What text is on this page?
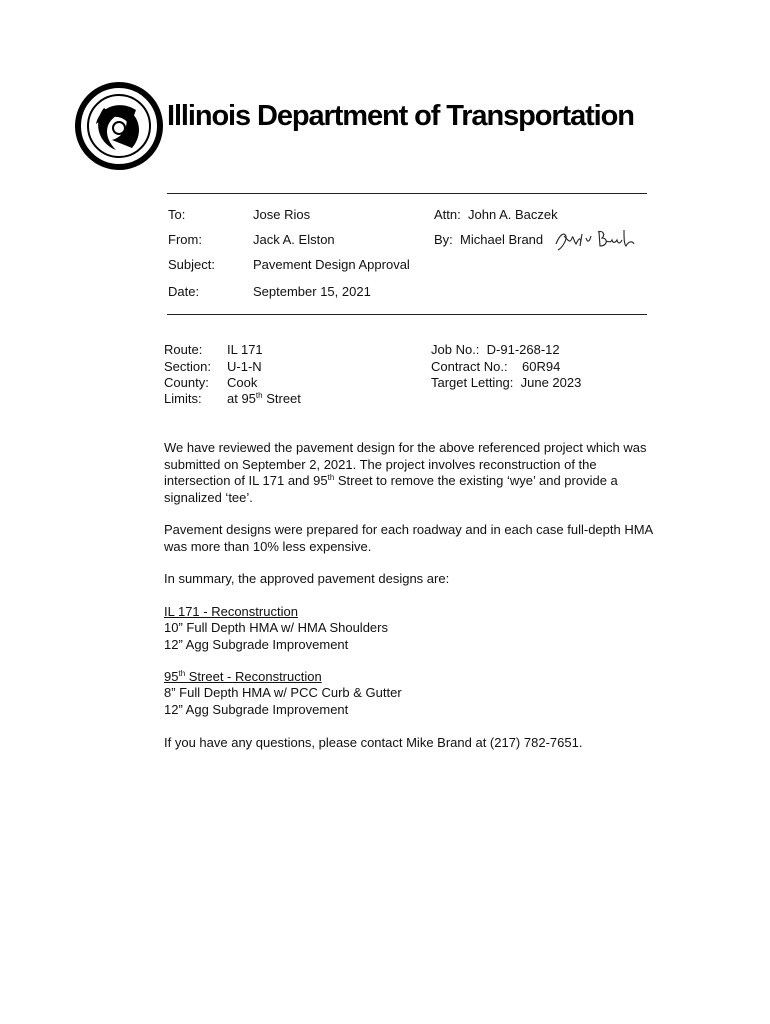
Illinois Department of Transportation
To:	Jose Rios	Attn: John A. Baczek
From:	Jack A. Elston	By: Michael Brand
Subject:	Pavement Design Approval
Date:	September 15, 2021
Route: IL 171
Section: U-1-N
County: Cook
Limits: at 95th Street
Job No.: D-91-268-12
Contract No.: 60R94
Target Letting: June 2023

We have reviewed the pavement design for the above referenced project which was submitted on September 2, 2021. The project involves reconstruction of the intersection of IL 171 and 95th Street to remove the existing ‘wye’ and provide a signalized ‘tee’.

Pavement designs were prepared for each roadway and in each case full-depth HMA was more than 10% less expensive.

In summary, the approved pavement designs are:
IL 171 - Reconstruction
10” Full Depth HMA w/ HMA Shoulders
12” Agg Subgrade Improvement
95th Street - Reconstruction
8” Full Depth HMA w/ PCC Curb & Gutter
12” Agg Subgrade Improvement
If you have any questions, please contact Mike Brand at (217) 782-7651.
